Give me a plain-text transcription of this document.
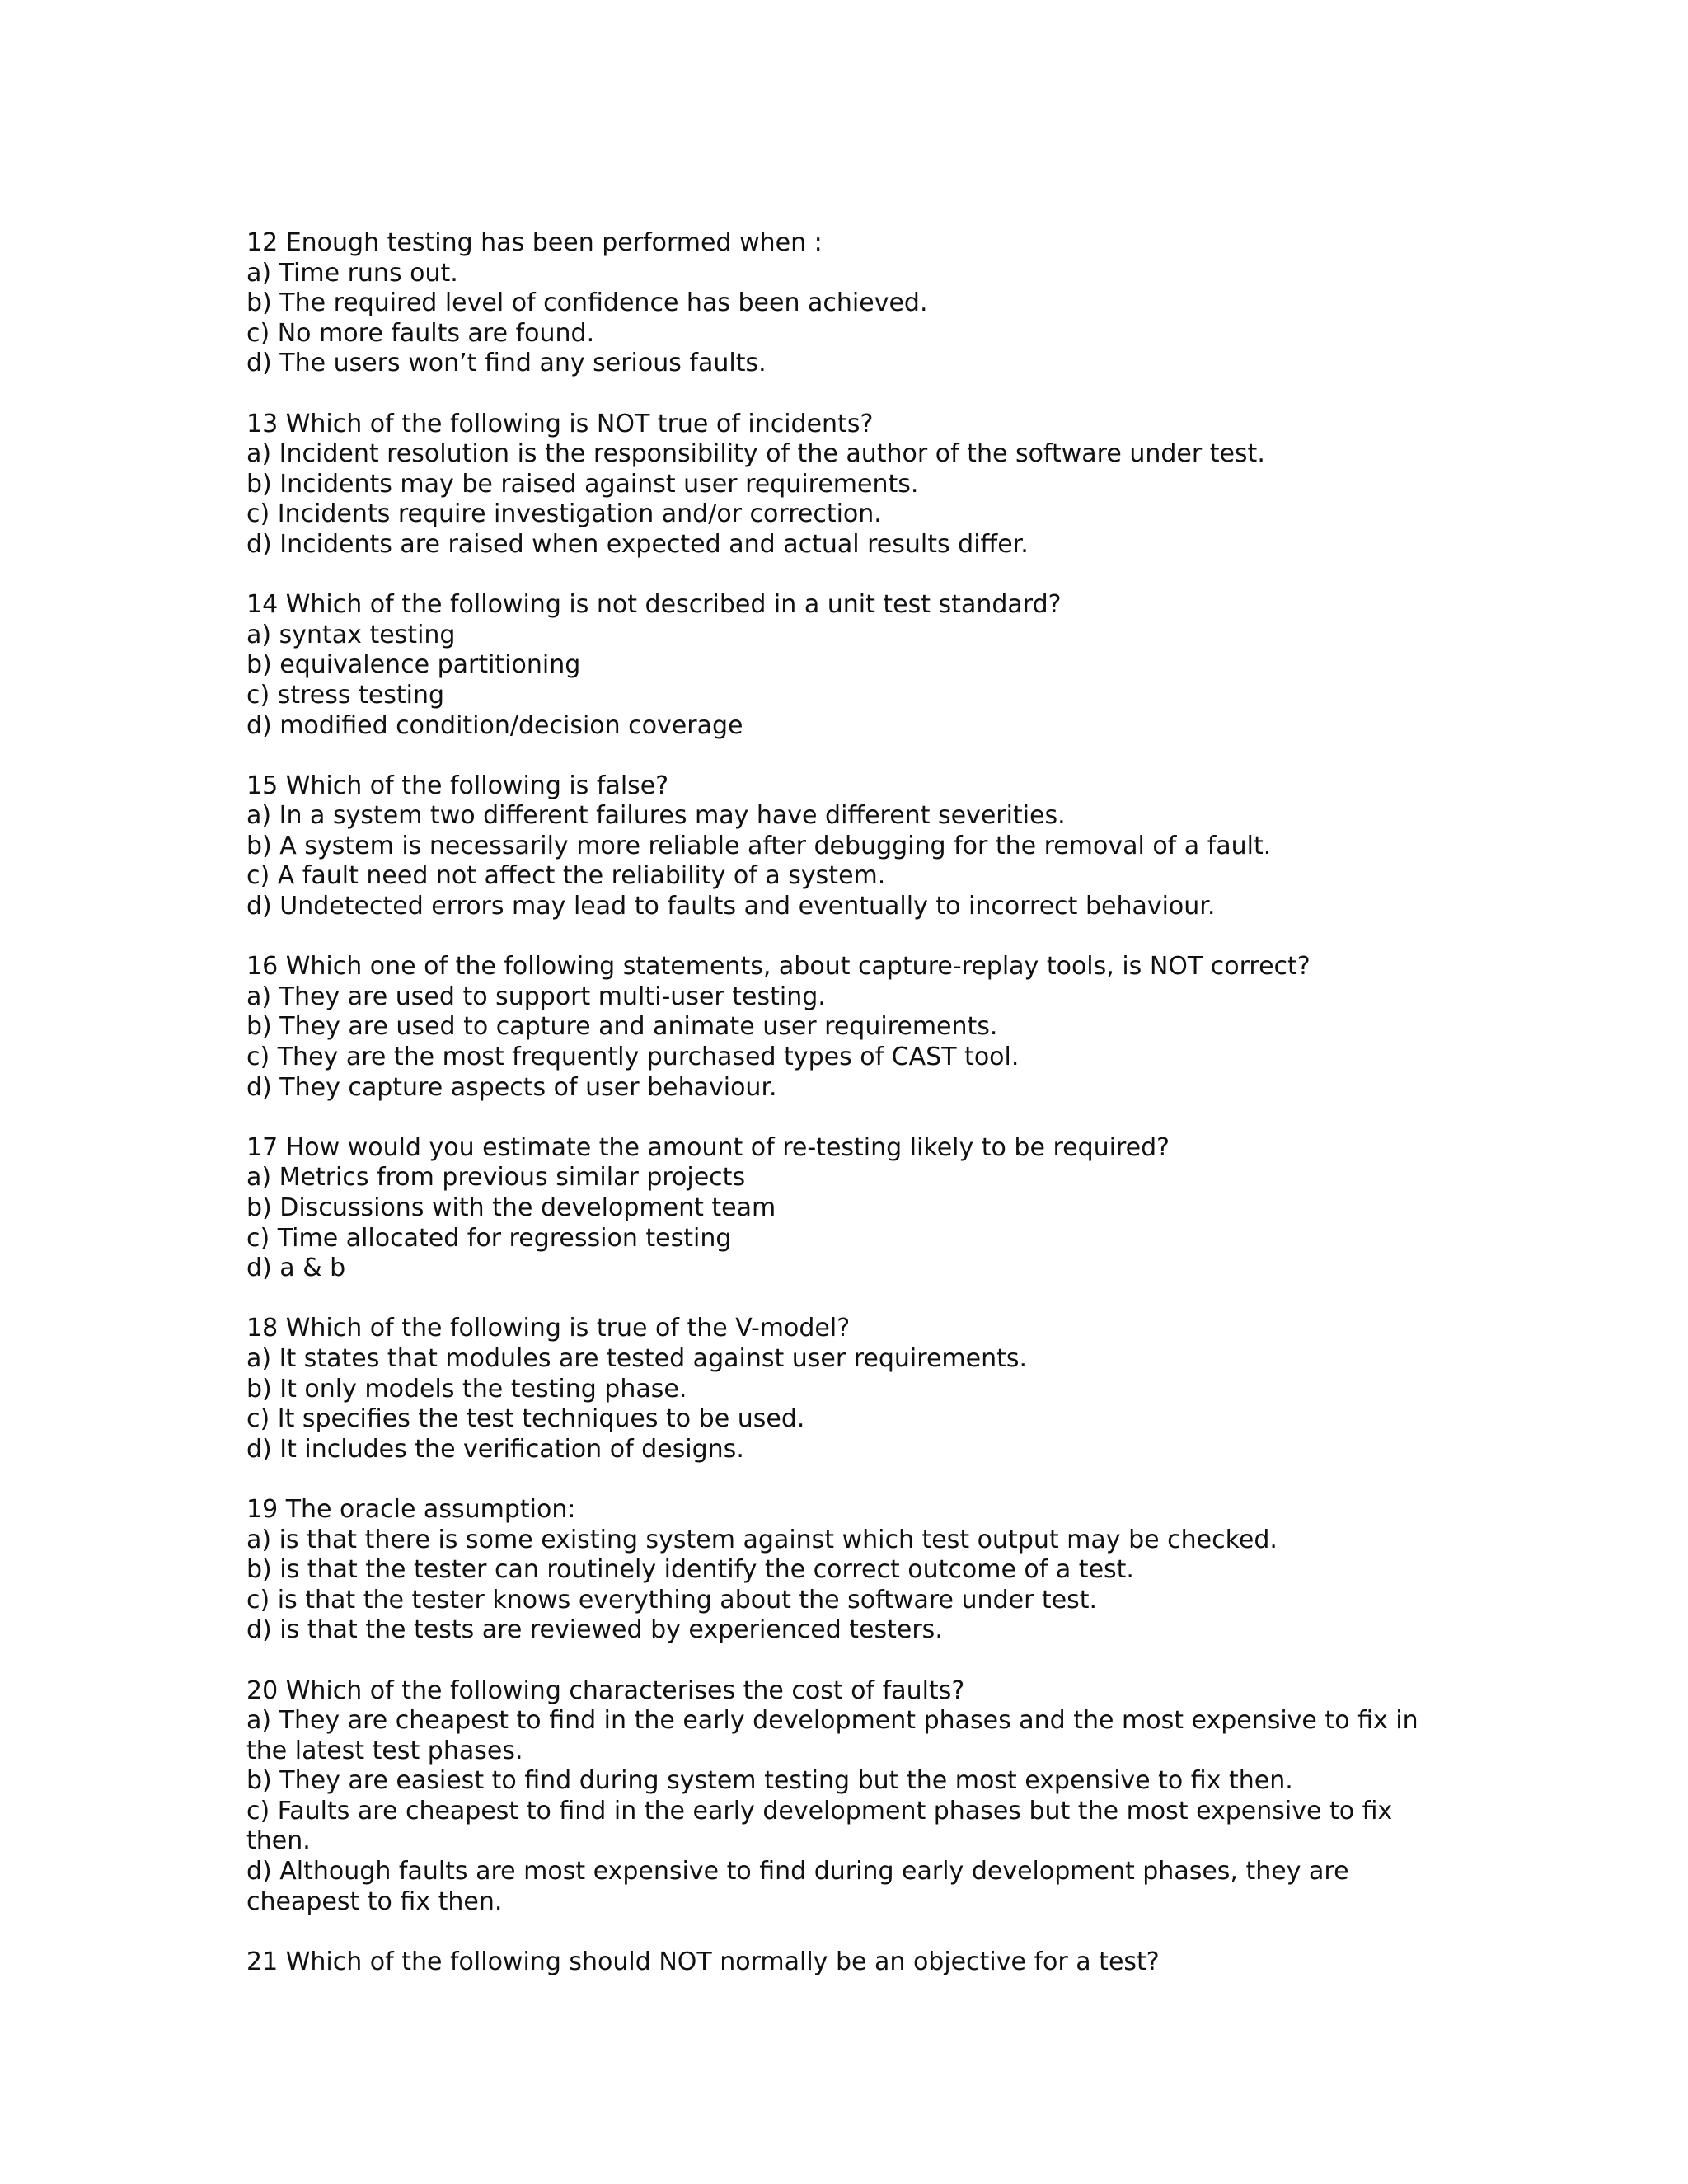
12 Enough testing has been performed when :
a) Time runs out.
b) The required level of confidence has been achieved.
c) No more faults are found.
d) The users won’t find any serious faults.
13 Which of the following is NOT true of incidents?
a) Incident resolution is the responsibility of the author of the software under test.
b) Incidents may be raised against user requirements.
c) Incidents require investigation and/or correction.
d) Incidents are raised when expected and actual results differ.
14 Which of the following is not described in a unit test standard?
a) syntax testing
b) equivalence partitioning
c) stress testing
d) modified condition/decision coverage
15 Which of the following is false?
a) In a system two different failures may have different severities.
b) A system is necessarily more reliable after debugging for the removal of a fault.
c) A fault need not affect the reliability of a system.
d) Undetected errors may lead to faults and eventually to incorrect behaviour.
16 Which one of the following statements, about capture-replay tools, is NOT correct?
a) They are used to support multi-user testing.
b) They are used to capture and animate user requirements.
c) They are the most frequently purchased types of CAST tool.
d) They capture aspects of user behaviour.
17 How would you estimate the amount of re-testing likely to be required?
a) Metrics from previous similar projects
b) Discussions with the development team
c) Time allocated for regression testing
d) a & b
18 Which of the following is true of the V-model?
a) It states that modules are tested against user requirements.
b) It only models the testing phase.
c) It specifies the test techniques to be used.
d) It includes the verification of designs.
19 The oracle assumption:
a) is that there is some existing system against which test output may be checked.
b) is that the tester can routinely identify the correct outcome of a test.
c) is that the tester knows everything about the software under test.
d) is that the tests are reviewed by experienced testers.
20 Which of the following characterises the cost of faults?
a) They are cheapest to find in the early development phases and the most expensive to fix in the latest test phases.
b) They are easiest to find during system testing but the most expensive to fix then.
c) Faults are cheapest to find in the early development phases but the most expensive to fix then.
d) Although faults are most expensive to find during early development phases, they are cheapest to fix then.
21 Which of the following should NOT normally be an objective for a test?
